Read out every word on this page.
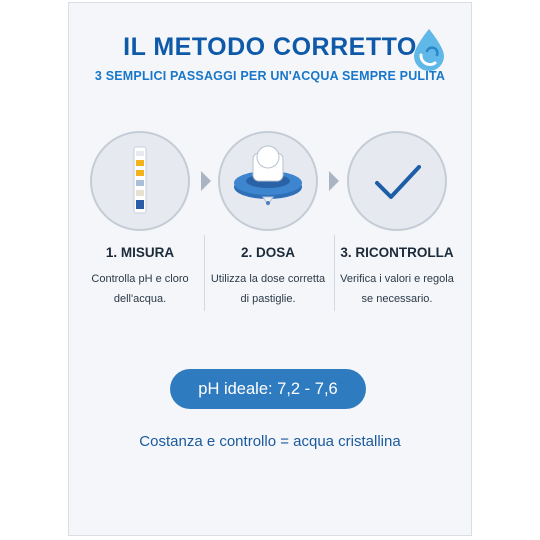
IL METODO CORRETTO
3 SEMPLICI PASSAGGI PER UN'ACQUA SEMPRE PULITA
1. MISURA
Controlla pH e cloro
dell'acqua.
2. DOSA
Utilizza la dose corretta
di pastiglie.
3. RICONTROLLA
Verifica i valori e regola
se necessario.
pH ideale: 7,2 - 7,6
Costanza e controllo = acqua cristallina
